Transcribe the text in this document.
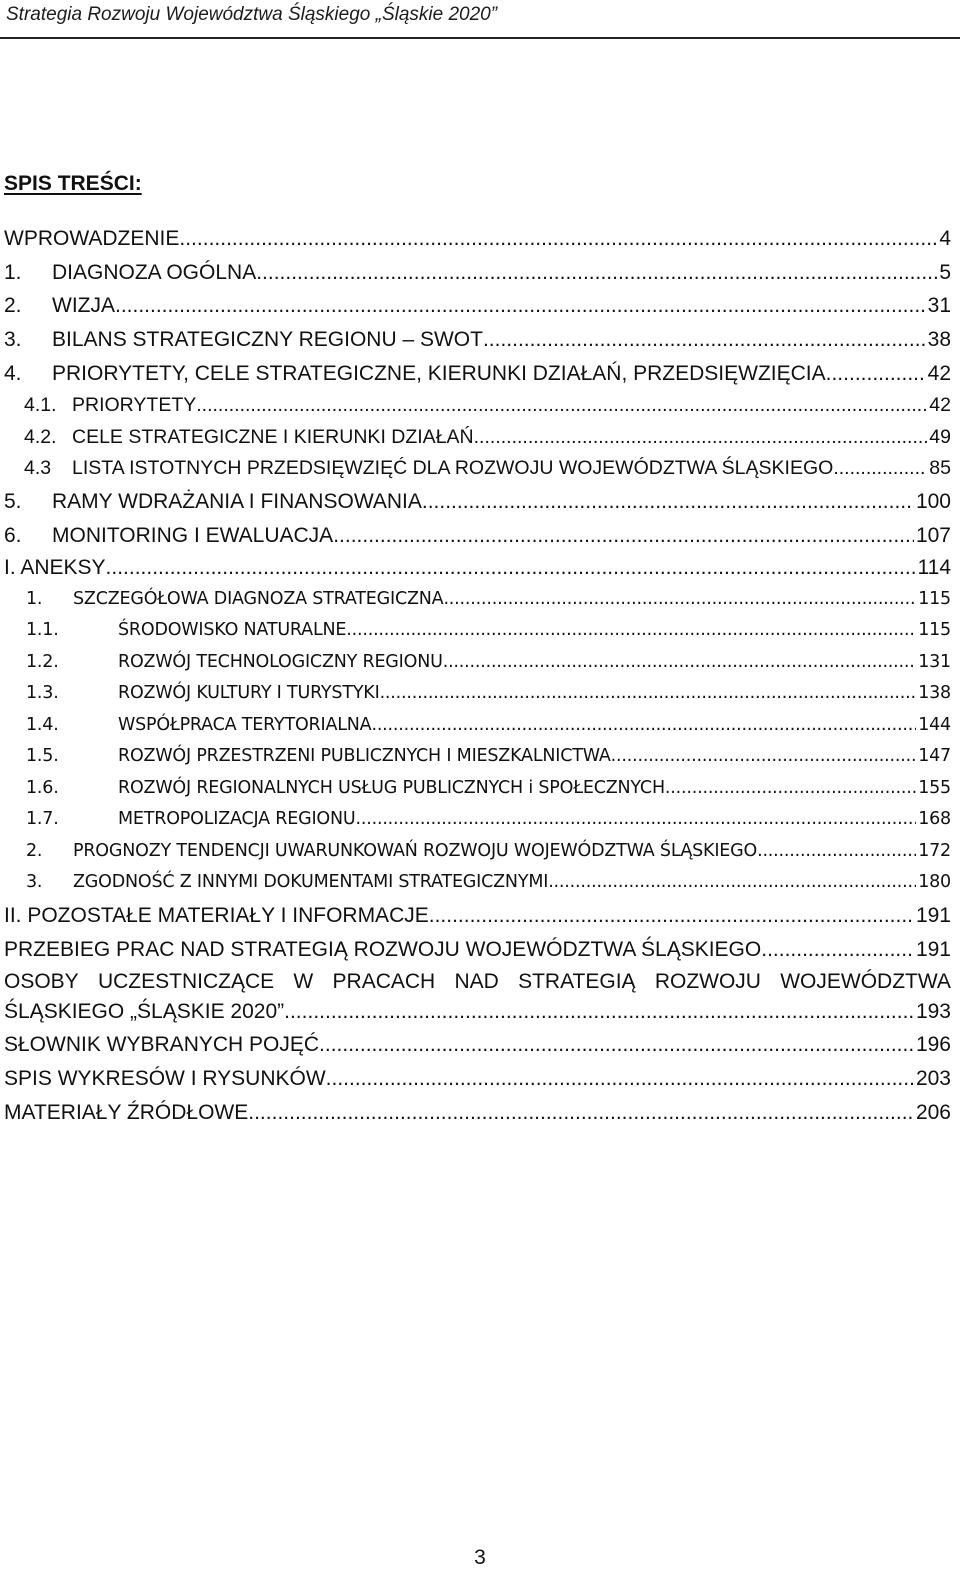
Strategia Rozwoju Województwa Śląskiego „Śląskie 2020”
SPIS TREŚCI:
WPROWADZENIE .....	4
1.	DIAGNOZA OGÓLNA .....	5
2.	WIZJA .....	31
3.	BILANS STRATEGICZNY REGIONU – SWOT .....	38
4.	PRIORYTETY, CELE STRATEGICZNE, KIERUNKI DZIAŁAŃ, PRZEDSIĘWZIĘCIA .....	42
4.1. PRIORYTETY .....	42
4.2. CELE STRATEGICZNE I KIERUNKI DZIAŁAŃ .....	49
4.3	LISTA ISTOTNYCH PRZEDSIĘWZIĘĆ DLA ROZWOJU WOJEWÓDZTWA ŚLĄSKIEGO .....	85
5.	RAMY WDRAŻANIA I FINANSOWANIA .....	100
6.	MONITORING I EWALUACJA .....	107
I. ANEKSY .....	114
1.	SZCZEGÓŁOWA DIAGNOZA STRATEGICZNA .....	115
1.1.	ŚRODOWISKO NATURALNE .....	115
1.2.	ROZWÓJ TECHNOLOGICZNY REGIONU .....	131
1.3.	ROZWÓJ KULTURY I TURYSTYKI .....	138
1.4.	WSPÓŁPRACA TERYTORIALNA .....	144
1.5.	ROZWÓJ PRZESTRZENI PUBLICZNYCH I MIESZKALNICTWA .....	147
1.6.	ROZWÓJ REGIONALNYCH USŁUG PUBLICZNYCH i SPOŁECZNYCH .....	155
1.7.	METROPOLIZACJA REGIONU .....	168
2.	PROGNOZY TENDENCJI UWARUNKOWAŃ ROZWOJU WOJEWÓDZTWA ŚLĄSKIEGO .....	172
3.	ZGODNOŚĆ Z INNYMI DOKUMENTAMI STRATEGICZNYMI .....	180
II. POZOSTAŁE MATERIAŁY I INFORMACJE .....	191
PRZEBIEG PRAC NAD STRATEGIĄ ROZWOJU WOJEWÓDZTWA ŚLĄSKIEGO .....	191
OSOBY UCZESTNICZĄCE W PRACACH NAD STRATEGIĄ ROZWOJU WOJEWÓDZTWA
ŚLĄSKIEGO „ŚLĄSKIE 2020” .....	193
SŁOWNIK WYBRANYCH POJĘĆ .....	196
SPIS WYKRESÓW I RYSUNKÓW .....	203
MATERIAŁY ŹRÓDŁOWE .....	206
3
